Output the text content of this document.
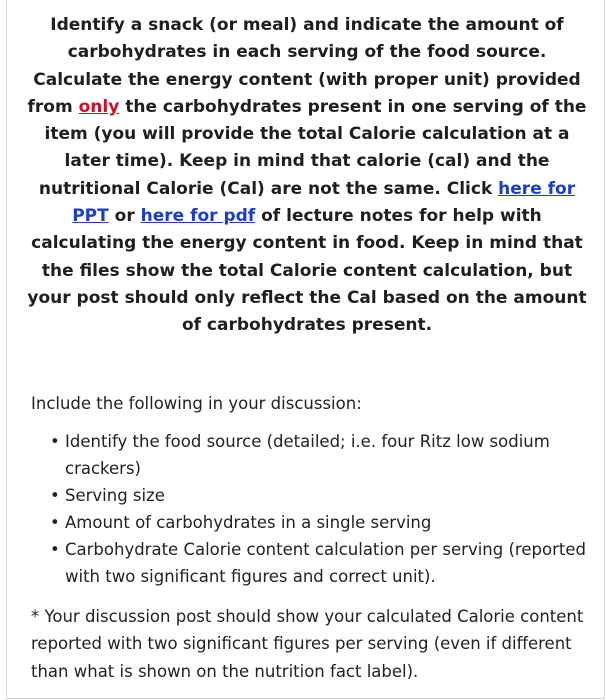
Identify a snack (or meal) and indicate the amount of carbohydrates in each serving of the food source. Calculate the energy content (with proper unit) provided from only the carbohydrates present in one serving of the item (you will provide the total Calorie calculation at a later time). Keep in mind that calorie (cal) and the nutritional Calorie (Cal) are not the same. Click here for PPT or here for pdf of lecture notes for help with calculating the energy content in food. Keep in mind that the files show the total Calorie content calculation, but your post should only reflect the Cal based on the amount of carbohydrates present.
Include the following in your discussion:
• Identify the food source (detailed; i.e. four Ritz low sodium crackers)
• Serving size
• Amount of carbohydrates in a single serving
• Carbohydrate Calorie content calculation per serving (reported with two significant figures and correct unit).
* Your discussion post should show your calculated Calorie content reported with two significant figures per serving (even if different than what is shown on the nutrition fact label).
